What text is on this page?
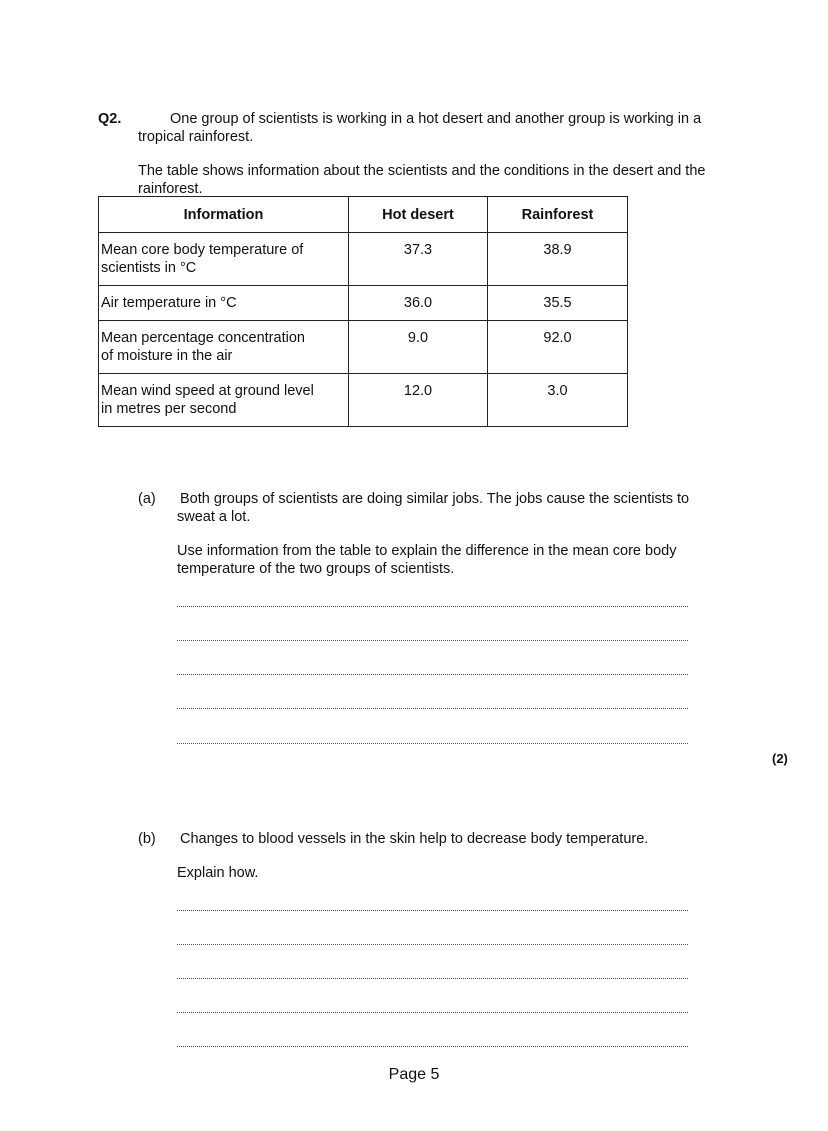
Q2.	One group of scientists is working in a hot desert and another group is working in a
tropical rainforest.
The table shows information about the scientists and the conditions in the desert and the
rainforest.
Information	Hot desert	Rainforest

Mean core body temperature of
scientists in °C	37.3	38.9

Air temperature in °C	36.0	35.5

Mean percentage concentration
of moisture in the air	9.0	92.0

Mean wind speed at ground level
in metres per second	12.0	3.0
(a) Both groups of scientists are doing similar jobs. The jobs cause the scientists to
sweat a lot.
Use information from the table to explain the difference in the mean core body
temperature of the two groups of scientists.
(2)
(b) Changes to blood vessels in the skin help to decrease body temperature.
Explain how.
Page 5
